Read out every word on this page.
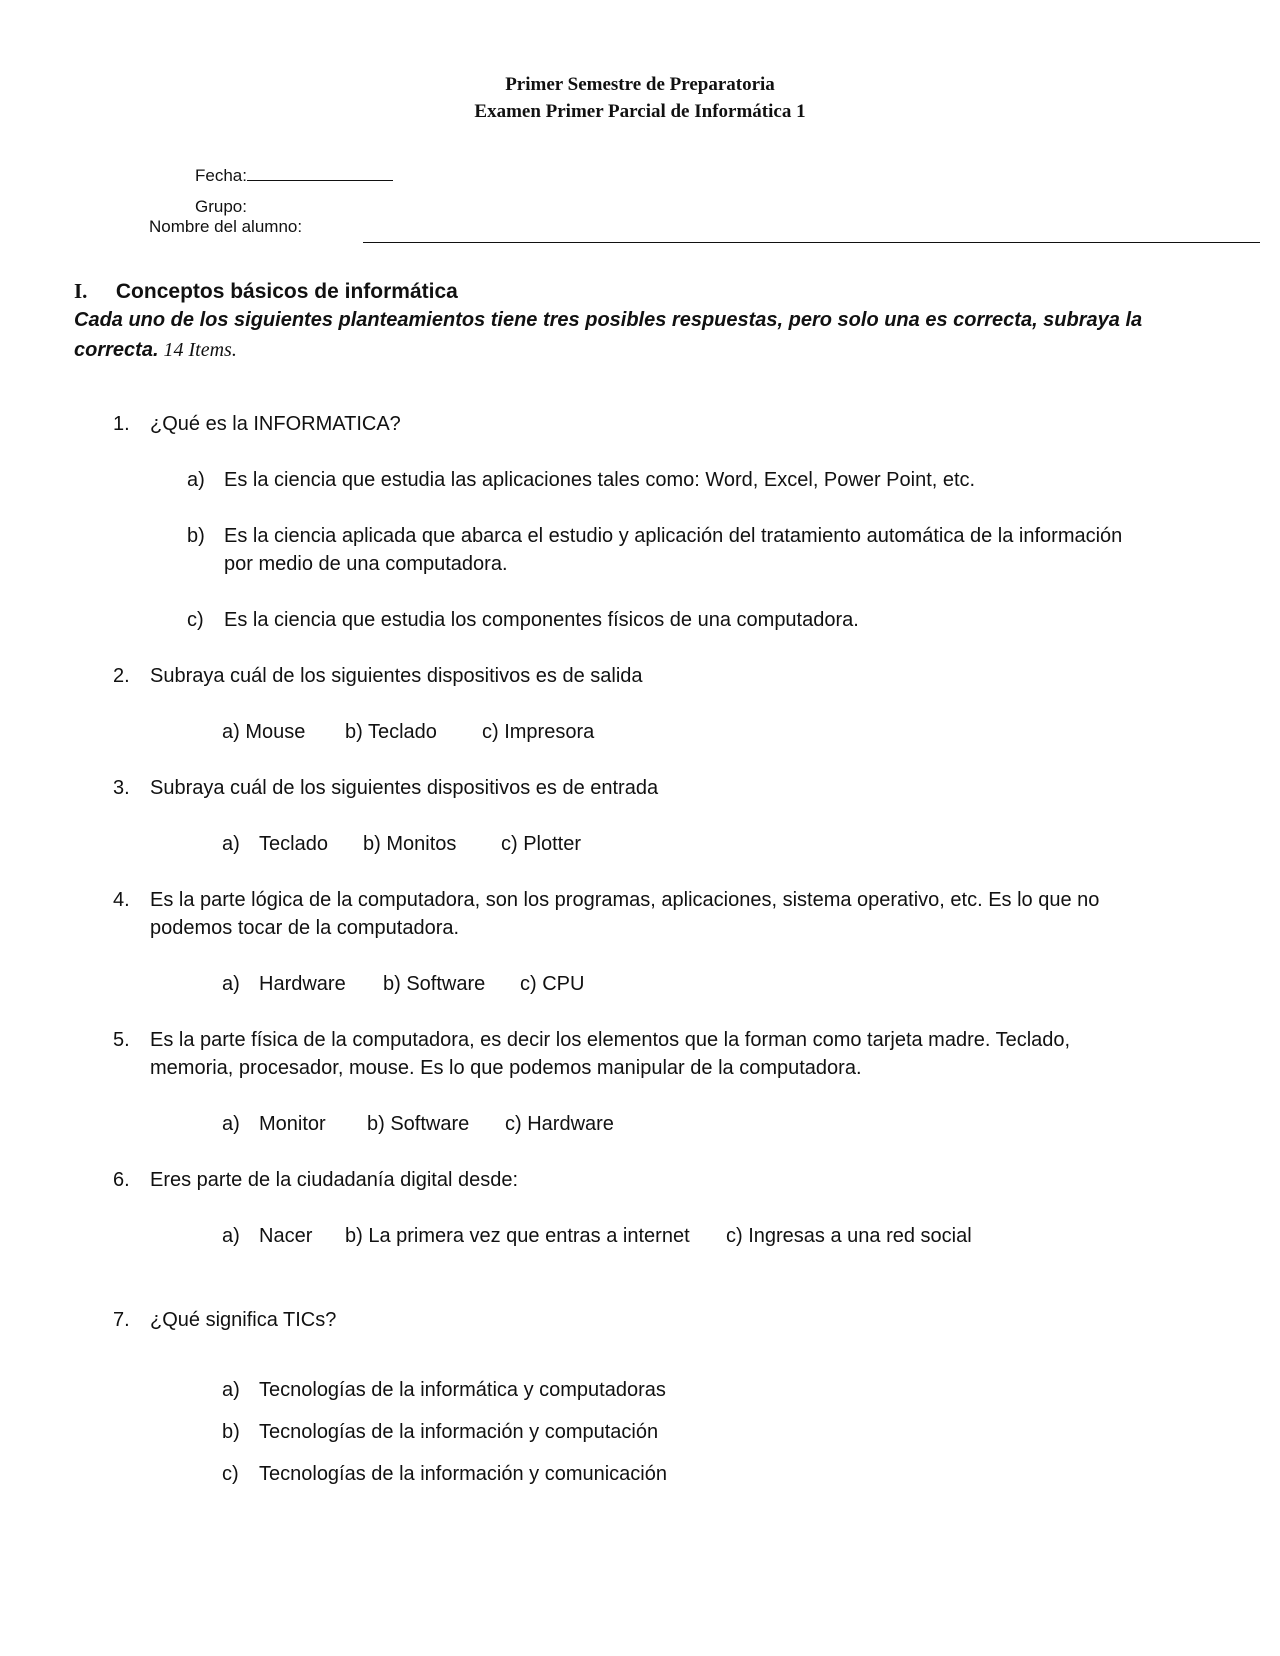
Primer Semestre de Preparatoria
Examen Primer Parcial de Informática 1
Fecha:
Grupo:
Nombre del alumno:
I. Conceptos básicos de informática
Cada uno de los siguientes planteamientos tiene tres posibles respuestas, pero solo una es correcta, subraya la correcta. 14 Items.
1. ¿Qué es la INFORMATICA?
a) Es la ciencia que estudia las aplicaciones tales como: Word, Excel, Power Point, etc.
b) Es la ciencia aplicada que abarca el estudio y aplicación del tratamiento automática de la información
por medio de una computadora.
c) Es la ciencia que estudia los componentes físicos de una computadora.
2. Subraya cuál de los siguientes dispositivos es de salida
a) Mouse b) Teclado c) Impresora
3. Subraya cuál de los siguientes dispositivos es de entrada
a) Teclado b) Monitos c) Plotter
4. Es la parte lógica de la computadora, son los programas, aplicaciones, sistema operativo, etc. Es lo que no
podemos tocar de la computadora.
a) Hardware b) Software c) CPU
5. Es la parte física de la computadora, es decir los elementos que la forman como tarjeta madre. Teclado,
memoria, procesador, mouse. Es lo que podemos manipular de la computadora.
a) Monitor b) Software c) Hardware
6. Eres parte de la ciudadanía digital desde:
a) Nacer b) La primera vez que entras a internet c) Ingresas a una red social
7. ¿Qué significa TICs?
a) Tecnologías de la informática y computadoras
b) Tecnologías de la información y computación
c) Tecnologías de la información y comunicación
